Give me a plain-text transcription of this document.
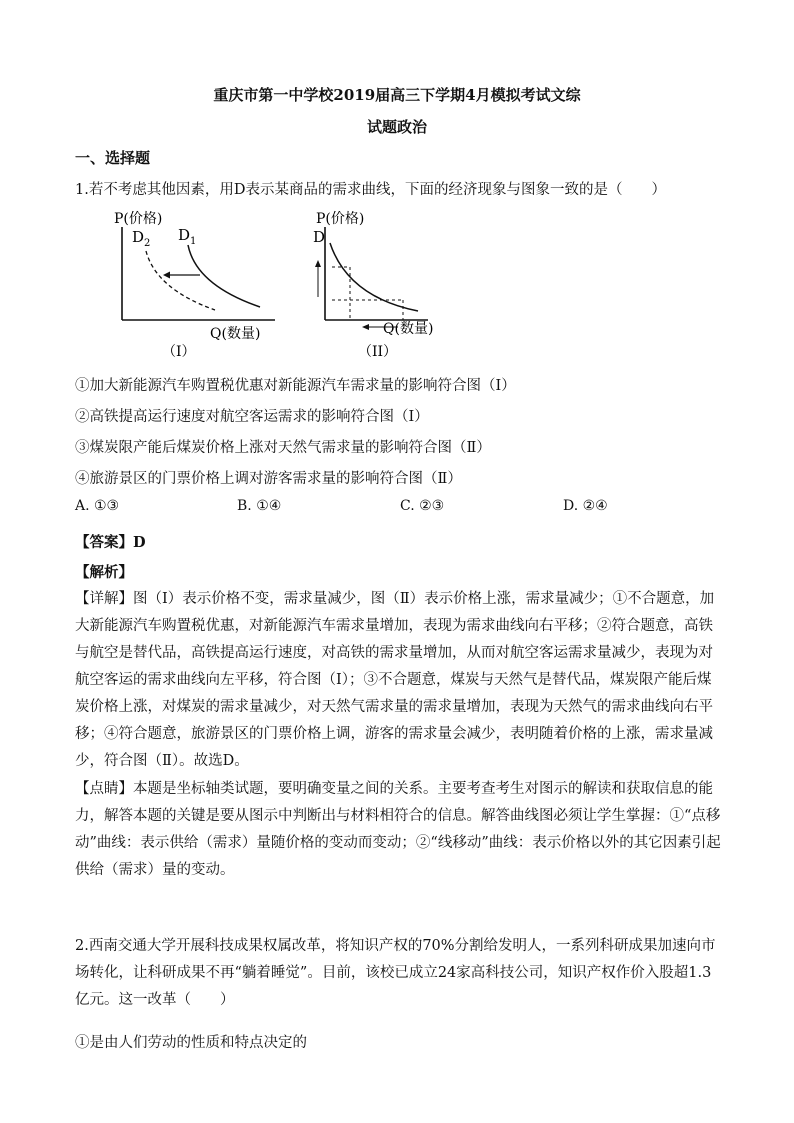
重庆市第一中学校2019届高三下学期4月模拟考试文综
试题政治
一、选择题
1.若不考虑其他因素，用D表示某商品的需求曲线，下面的经济现象与图象一致的是（　　）
P(价格)
Q(数量)
$D_2$ $D_1$
（I）
P(价格)
Q(数量)
D
（II）
①加大新能源汽车购置税优惠对新能源汽车需求量的影响符合图（I）
②高铁提高运行速度对航空客运需求的影响符合图（I）
③煤炭限产能后煤炭价格上涨对天然气需求量的影响符合图（Ⅱ）
④旅游景区的门票价格上调对游客需求量的影响符合图（Ⅱ）
A. ①③	B. ①④	C. ②③	D. ②④
【答案】D
【解析】
【详解】图（I）表示价格不变，需求量减少，图（Ⅱ）表示价格上涨，需求量减少；①不合题意，加大新能源汽车购置税优惠，对新能源汽车需求量增加，表现为需求曲线向右平移；②符合题意，高铁与航空是替代品，高铁提高运行速度，对高铁的需求量增加，从而对航空客运需求量减少，表现为对航空客运的需求曲线向左平移，符合图（I）；③不合题意，煤炭与天然气是替代品，煤炭限产能后煤炭价格上涨，对煤炭的需求量减少，对天然气需求量的需求量增加，表现为天然气的需求曲线向右平移；④符合题意，旅游景区的门票价格上调，游客的需求量会减少，表明随着价格的上涨，需求量减少，符合图（Ⅱ）。故选D。
【点睛】本题是坐标轴类试题，要明确变量之间的关系。主要考查考生对图示的解读和获取信息的能力，解答本题的关键是要从图示中判断出与材料相符合的信息。解答曲线图必须让学生掌握：①“点移动”曲线：表示供给（需求）量随价格的变动而变动；②“线移动”曲线：表示价格以外的其它因素引起供给（需求）量的变动。
2.西南交通大学开展科技成果权属改革，将知识产权的70%分割给发明人，一系列科研成果加速向市场转化，让科研成果不再“躺着睡觉”。目前，该校已成立24家高科技公司，知识产权作价入股超1.3亿元。这一改革（　　）
①是由人们劳动的性质和特点决定的
